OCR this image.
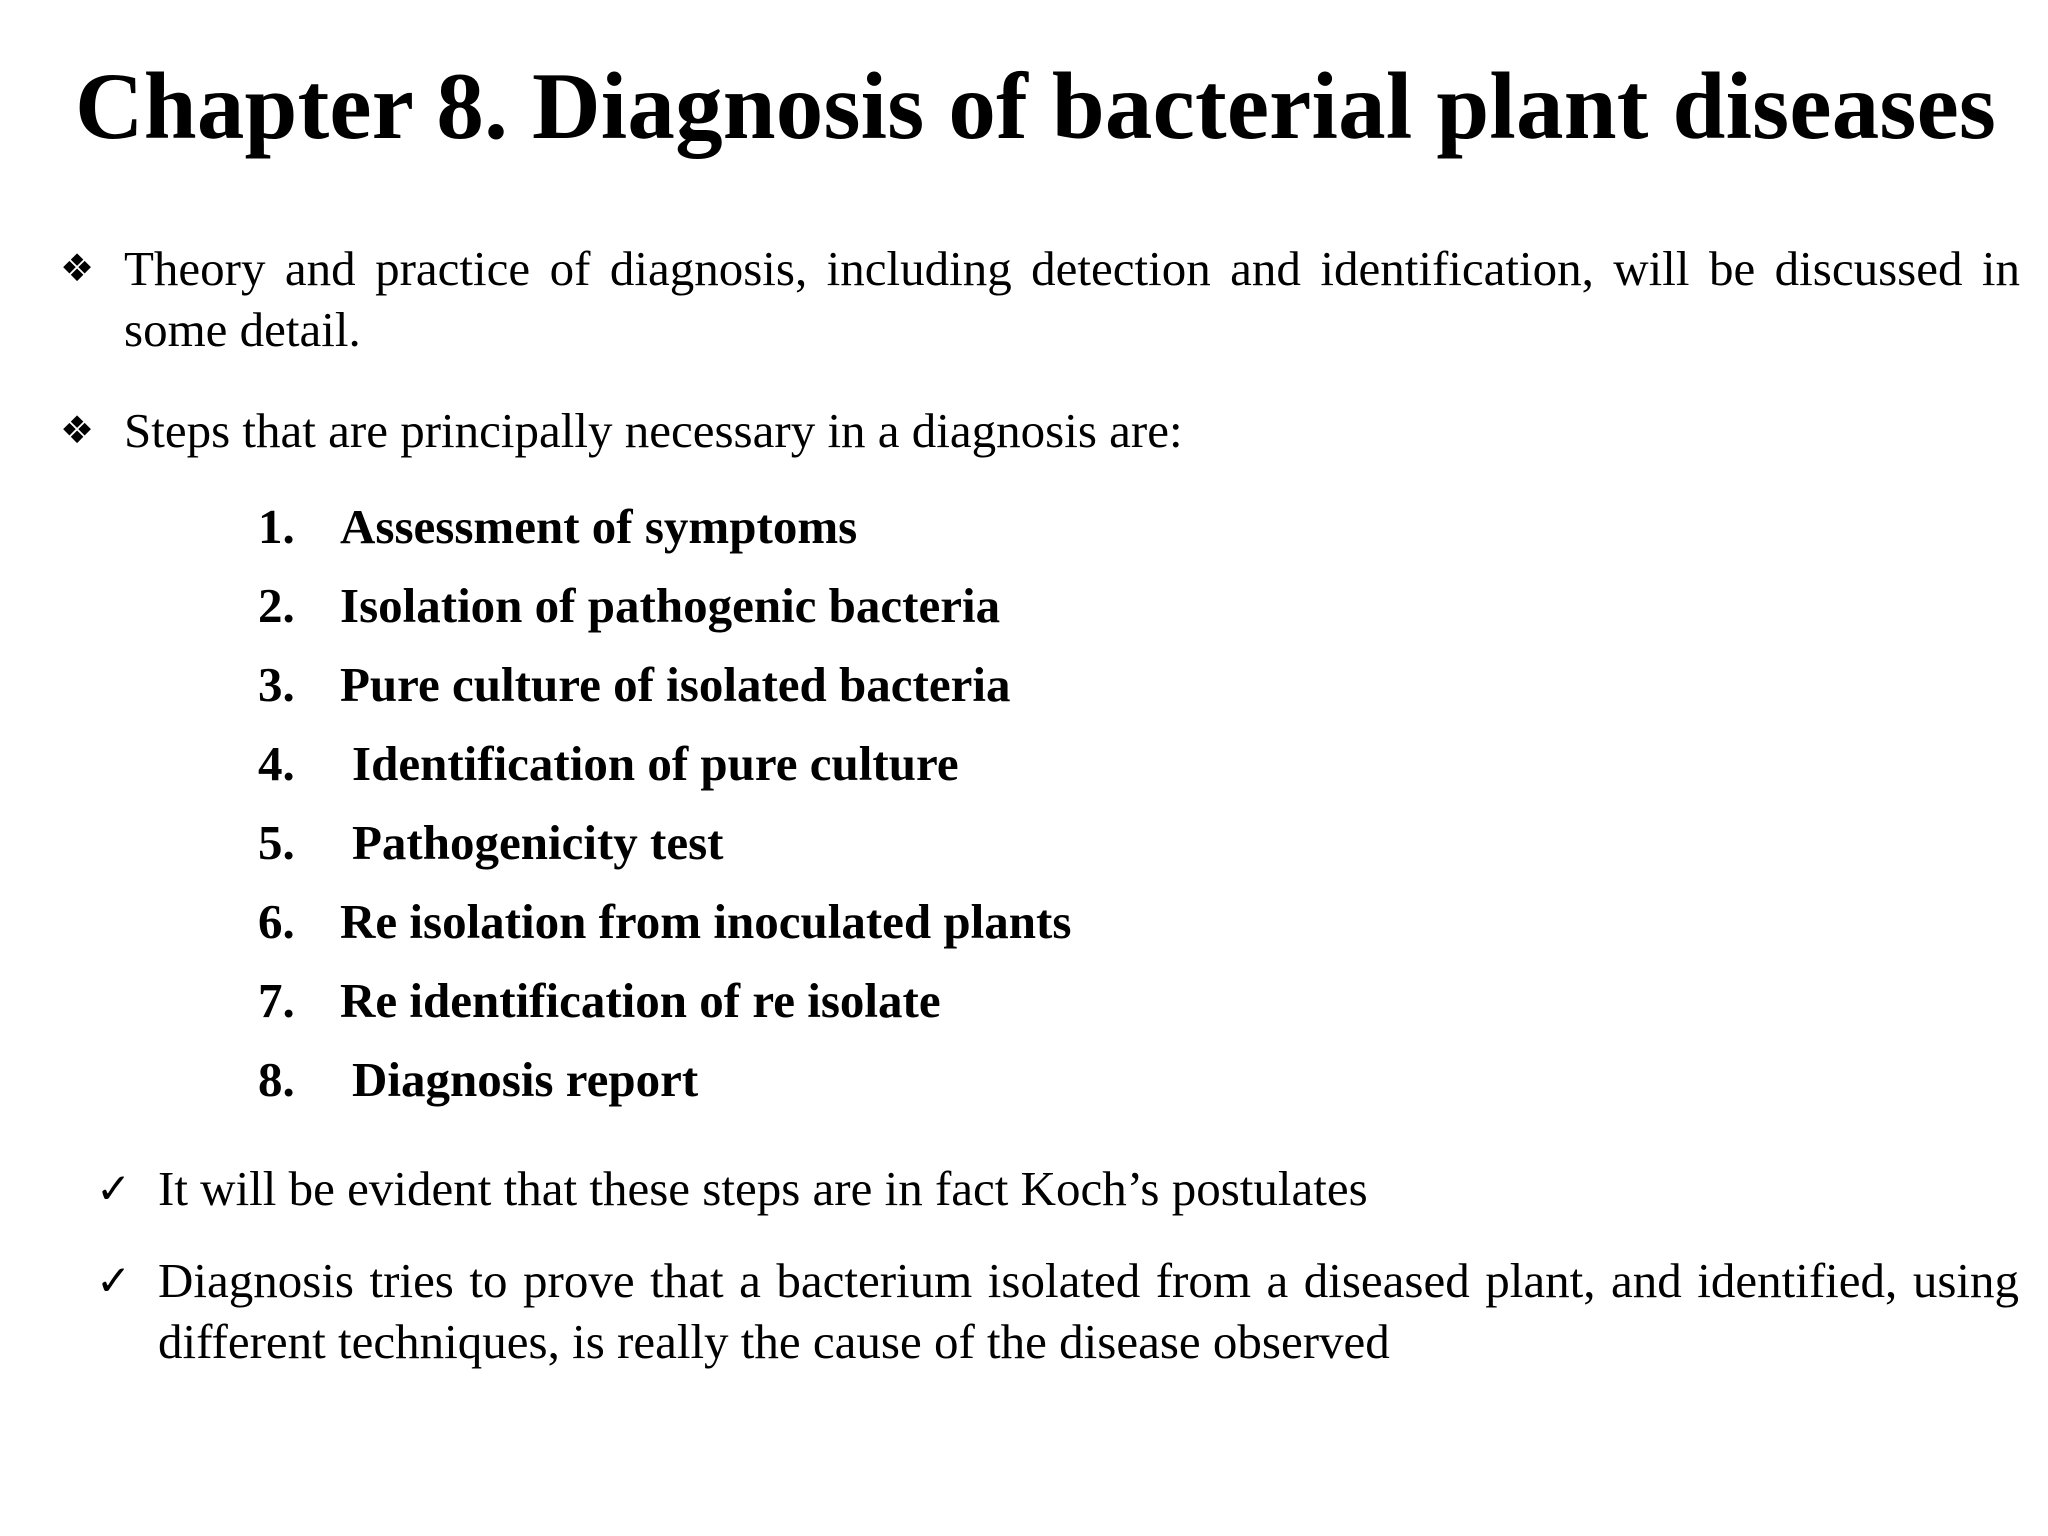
Chapter 8. Diagnosis of bacterial plant diseases
❖ Theory and practice of diagnosis, including detection and identification, will be discussed in some detail.
❖ Steps that are principally necessary in a diagnosis are:
1. Assessment of symptoms
2. Isolation of pathogenic bacteria
3. Pure culture of isolated bacteria
4.	Identification of pure culture
5.	Pathogenicity test
6. Re isolation from inoculated plants
7. Re identification of re isolate
8.	Diagnosis report
✓ It will be evident that these steps are in fact Koch’s postulates
✓ Diagnosis tries to prove that a bacterium isolated from a diseased plant, and identified, using different techniques, is really the cause of the disease observed
